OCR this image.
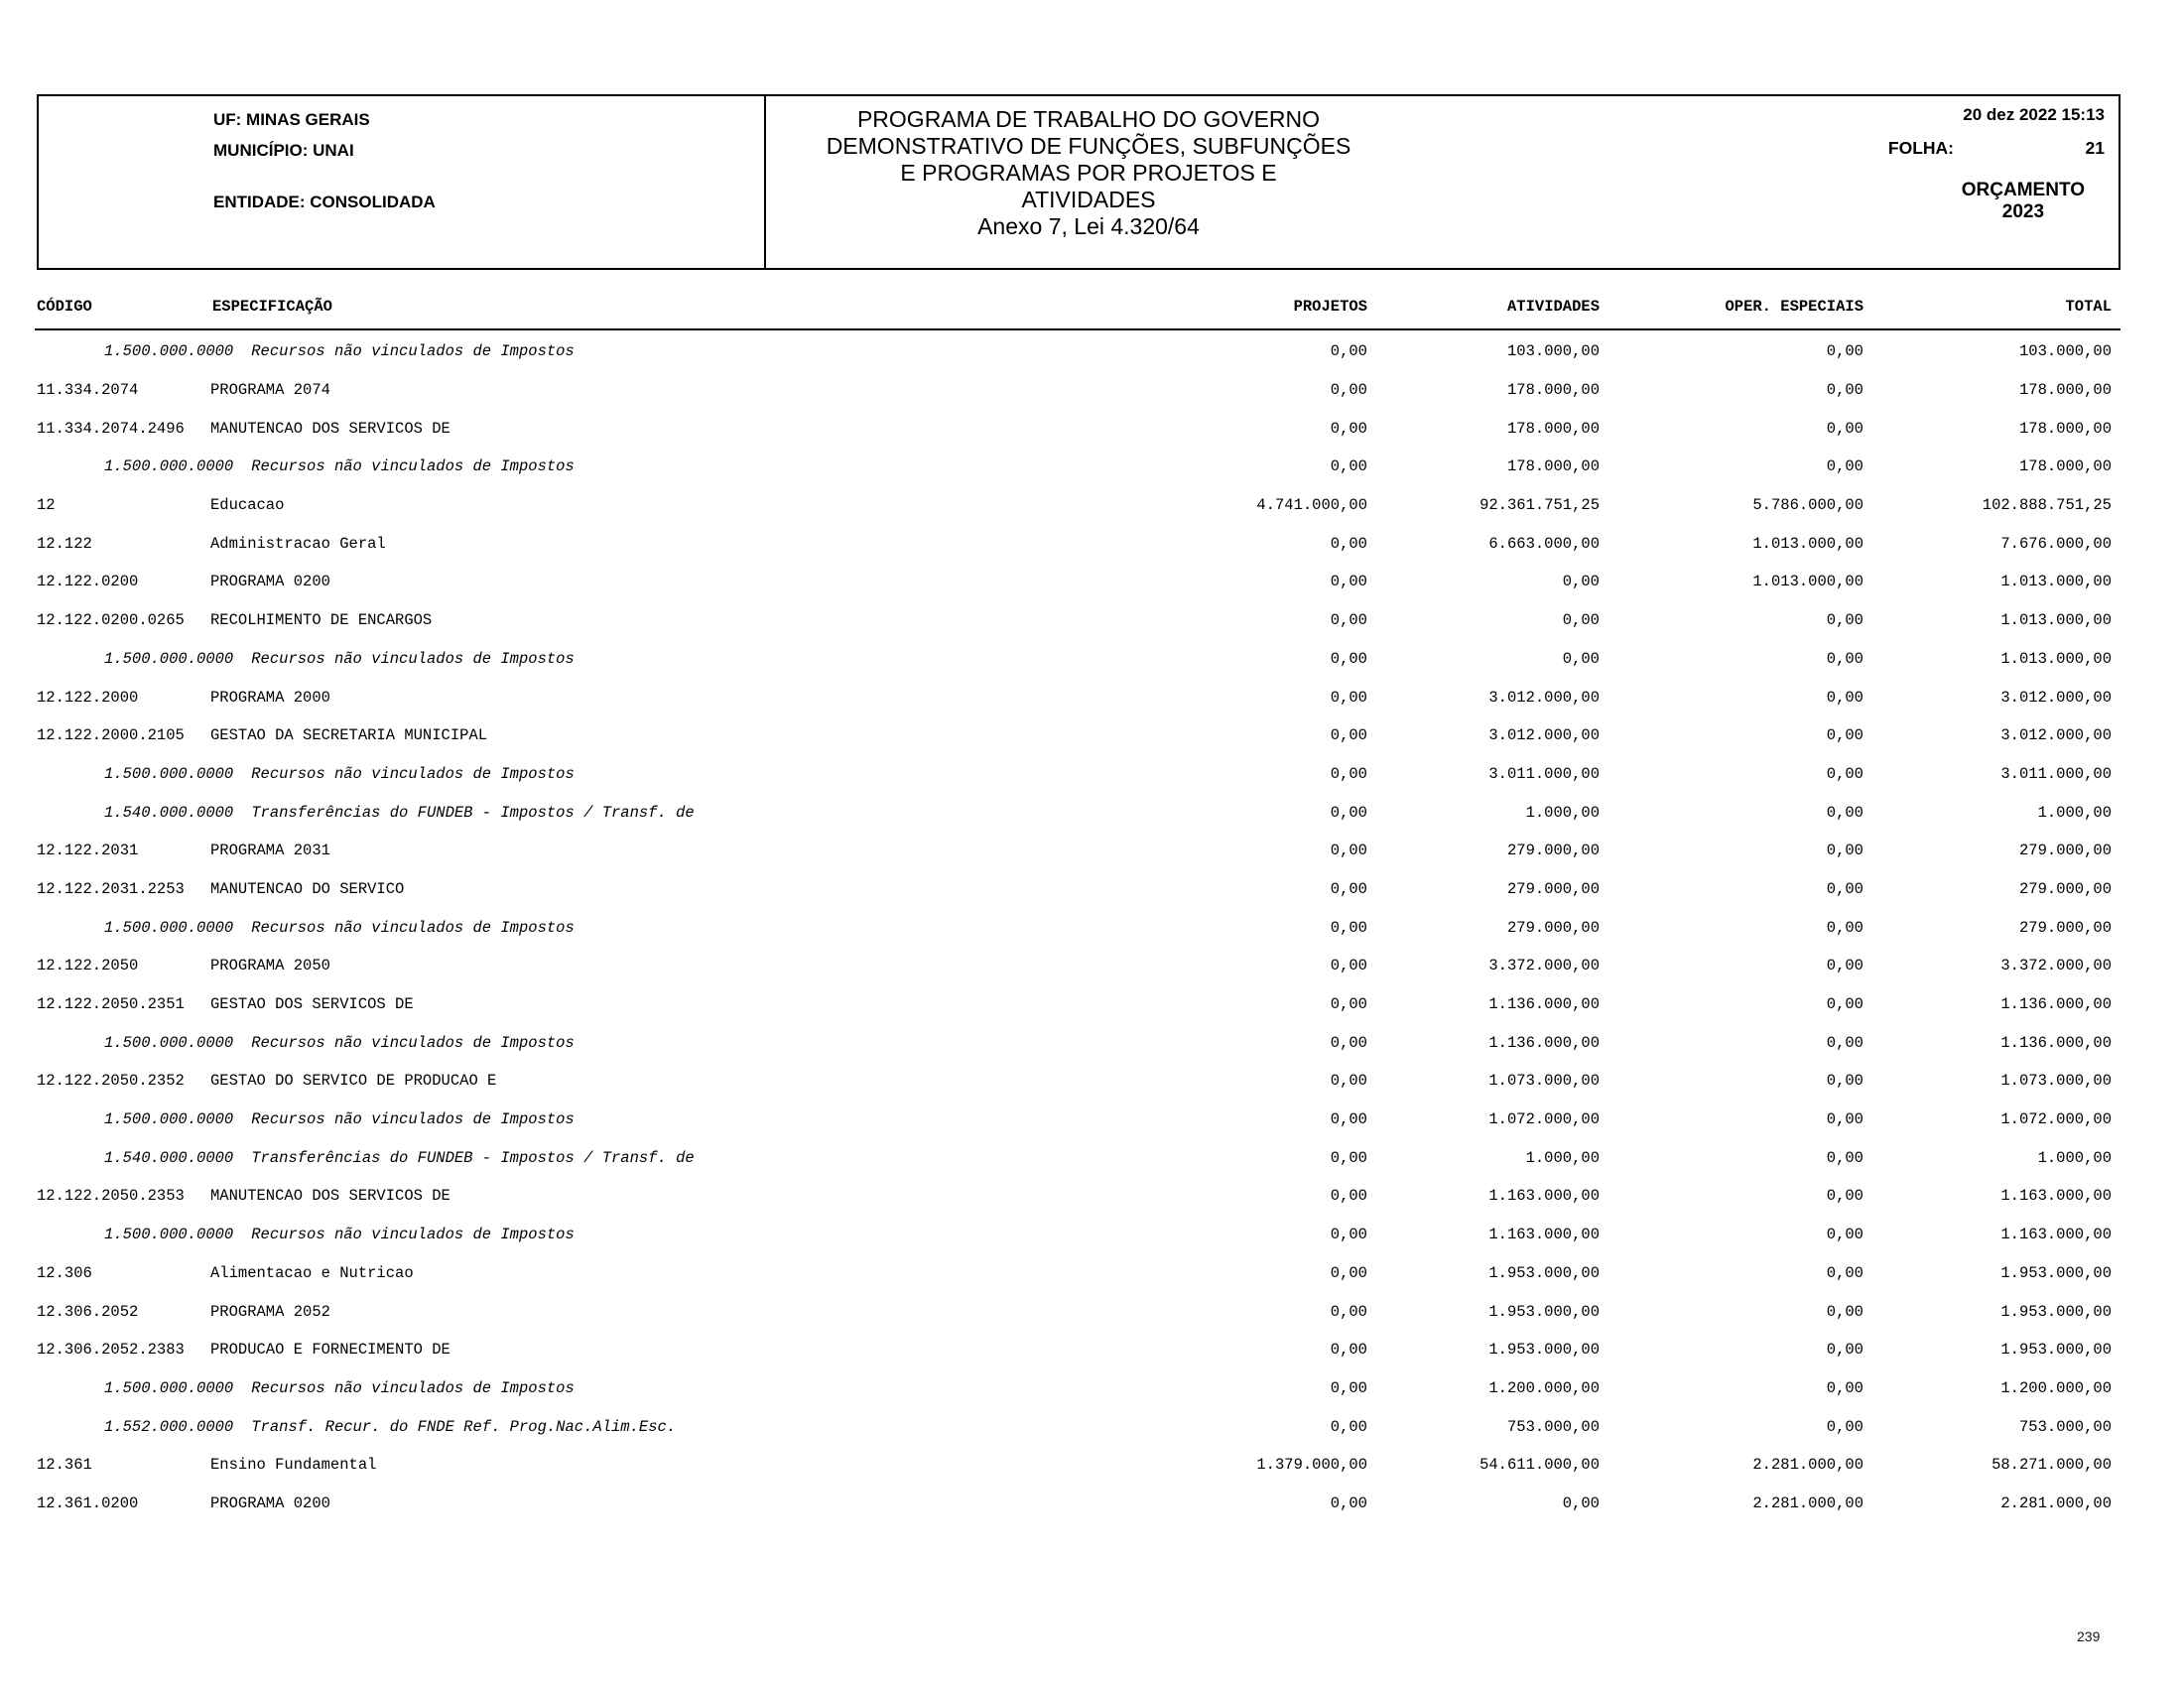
UF: MINAS GERAIS
MUNICÍPIO: UNAI
ENTIDADE: CONSOLIDADA
PROGRAMA DE TRABALHO DO GOVERNO
DEMONSTRATIVO DE FUNÇÕES, SUBFUNÇÕES
E PROGRAMAS POR PROJETOS E
ATIVIDADES
Anexo 7, Lei 4.320/64
20 dez 2022 15:13
FOLHA:	21
ORÇAMENTO
2023
CÓDIGO	ESPECIFICAÇÃO	PROJETOS	ATIVIDADES	OPER. ESPECIAIS	TOTAL
1.500.000.0000 Recursos não vinculados de Impostos	0,00	103.000,00	0,00	103.000,00
11.334.2074	PROGRAMA 2074	0,00	178.000,00	0,00	178.000,00
11.334.2074.2496	MANUTENCAO DOS SERVICOS DE	0,00	178.000,00	0,00	178.000,00
1.500.000.0000 Recursos não vinculados de Impostos	0,00	178.000,00	0,00	178.000,00
12	Educacao	4.741.000,00	92.361.751,25	5.786.000,00	102.888.751,25
12.122	Administracao Geral	0,00	6.663.000,00	1.013.000,00	7.676.000,00
12.122.0200	PROGRAMA 0200	0,00	0,00	1.013.000,00	1.013.000,00
12.122.0200.0265	RECOLHIMENTO DE ENCARGOS	0,00	0,00	0,00	1.013.000,00
1.500.000.0000 Recursos não vinculados de Impostos	0,00	0,00	0,00	1.013.000,00
12.122.2000	PROGRAMA 2000	0,00	3.012.000,00	0,00	3.012.000,00
12.122.2000.2105	GESTAO DA SECRETARIA MUNICIPAL	0,00	3.012.000,00	0,00	3.012.000,00
1.500.000.0000 Recursos não vinculados de Impostos	0,00	3.011.000,00	0,00	3.011.000,00
1.540.000.0000 Transferências do FUNDEB - Impostos / Transf. de	0,00	1.000,00	0,00	1.000,00
12.122.2031	PROGRAMA 2031	0,00	279.000,00	0,00	279.000,00
12.122.2031.2253	MANUTENCAO DO SERVICO	0,00	279.000,00	0,00	279.000,00
1.500.000.0000 Recursos não vinculados de Impostos	0,00	279.000,00	0,00	279.000,00
12.122.2050	PROGRAMA 2050	0,00	3.372.000,00	0,00	3.372.000,00
12.122.2050.2351	GESTAO DOS SERVICOS DE	0,00	1.136.000,00	0,00	1.136.000,00
1.500.000.0000 Recursos não vinculados de Impostos	0,00	1.136.000,00	0,00	1.136.000,00
12.122.2050.2352	GESTAO DO SERVICO DE PRODUCAO E	0,00	1.073.000,00	0,00	1.073.000,00
1.500.000.0000 Recursos não vinculados de Impostos	0,00	1.072.000,00	0,00	1.072.000,00
1.540.000.0000 Transferências do FUNDEB - Impostos / Transf. de	0,00	1.000,00	0,00	1.000,00
12.122.2050.2353	MANUTENCAO DOS SERVICOS DE	0,00	1.163.000,00	0,00	1.163.000,00
1.500.000.0000 Recursos não vinculados de Impostos	0,00	1.163.000,00	0,00	1.163.000,00
12.306	Alimentacao e Nutricao	0,00	1.953.000,00	0,00	1.953.000,00
12.306.2052	PROGRAMA 2052	0,00	1.953.000,00	0,00	1.953.000,00
12.306.2052.2383	PRODUCAO E FORNECIMENTO DE	0,00	1.953.000,00	0,00	1.953.000,00
1.500.000.0000 Recursos não vinculados de Impostos	0,00	1.200.000,00	0,00	1.200.000,00
1.552.000.0000 Transf. Recur. do FNDE Ref. Prog.Nac.Alim.Esc.	0,00	753.000,00	0,00	753.000,00
12.361	Ensino Fundamental	1.379.000,00	54.611.000,00	2.281.000,00	58.271.000,00
12.361.0200	PROGRAMA 0200	0,00	0,00	2.281.000,00	2.281.000,00
239
